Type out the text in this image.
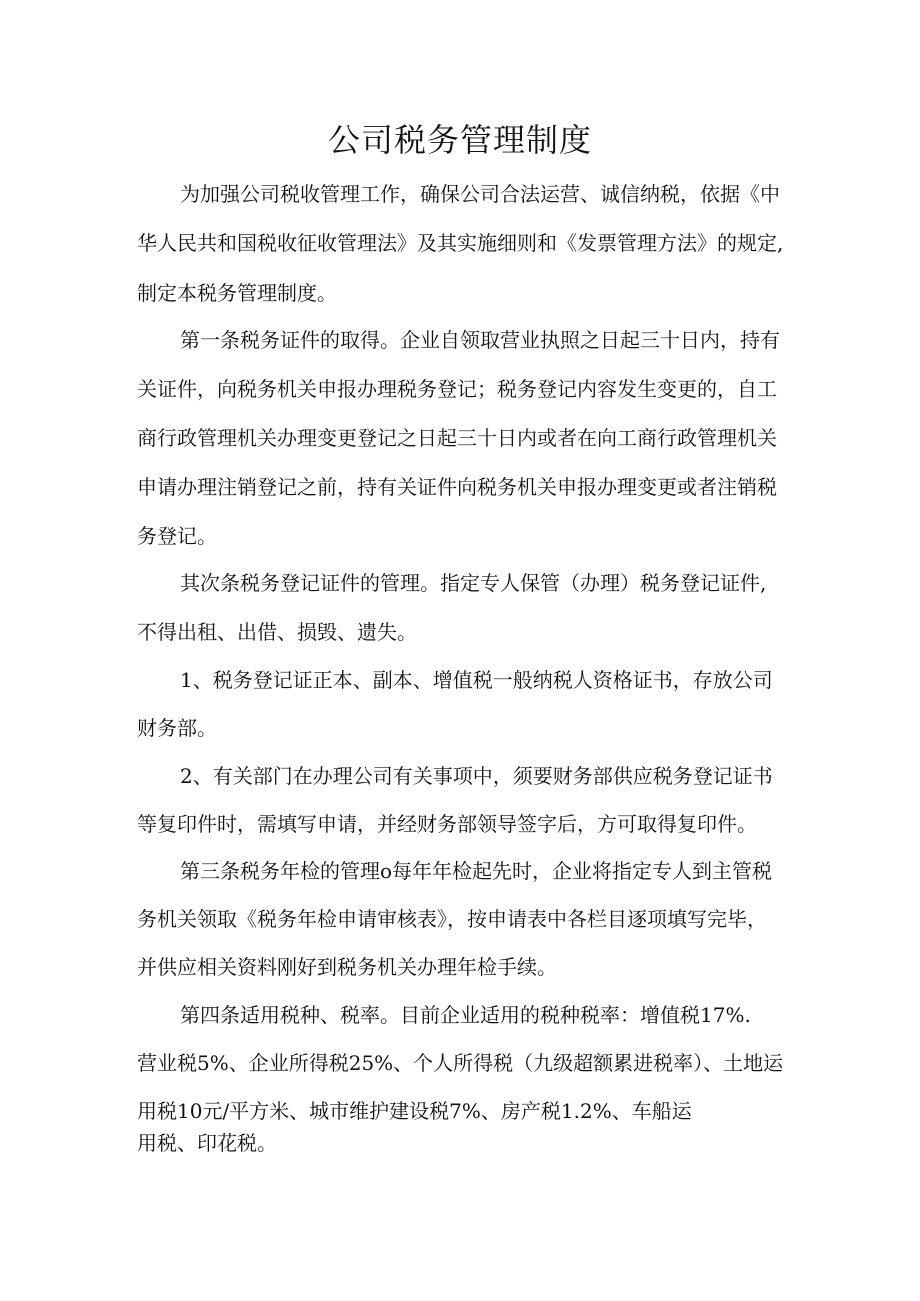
公司税务管理制度

为加强公司税收管理工作，确保公司合法运营、诚信纳税，依据《中

华人民共和国税收征收管理法》及其实施细则和《发票管理方法》的规定,

制定本税务管理制度。

第一条税务证件的取得。企业自领取营业执照之日起三十日内，持有

关证件，向税务机关申报办理税务登记；税务登记内容发生变更的，自工

商行政管理机关办理变更登记之日起三十日内或者在向工商行政管理机关

申请办理注销登记之前，持有关证件向税务机关申报办理变更或者注销税

务登记。

其次条税务登记证件的管理。指定专人保管（办理）税务登记证件,

不得出租、出借、损毁、遗失。

1、税务登记证正本、副本、增值税一般纳税人资格证书，存放公司

财务部。

2、有关部门在办理公司有关事项中，须要财务部供应税务登记证书

等复印件时，需填写申请，并经财务部领导签字后，方可取得复印件。

第三条税务年检的管理o每年年检起先时，企业将指定专人到主管税

务机关领取《税务年检申请审核表》，按申请表中各栏目逐项填写完毕，

并供应相关资料刚好到税务机关办理年检手续。

第四条适用税种、税率。目前企业适用的税种税率：增值税17%.

营业税5%、企业所得税25%、个人所得税（九级超额累进税率）、土地运

用税10元/平方米、城市维护建设税7%、房产税1.2%、车船运

用税、印花税。
